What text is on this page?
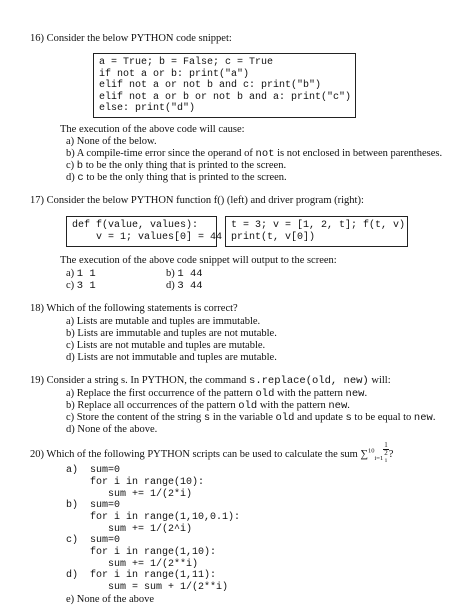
16) Consider the below PYTHON code snippet:
a = True; b = False; c = True
if not a or b: print("a")
elif not a or not b and c: print("b")
elif not a or b or not b and a: print("c")
else: print("d")
The execution of the above code will cause:
a) None of the below.
b) A compile-time error since the operand of not is not enclosed in between parentheses.
c) b to be the only thing that is printed to the screen.
d) c to be the only thing that is printed to the screen.
17) Consider the below PYTHON function f() (left) and driver program (right):
def f(value, values):
v = 1; values[0] = 44
t = 3; v = [1, 2, t]; f(t, v)
print(t, v[0])
The execution of the above code snippet will output to the screen:
a) 1 1	b) 1 44
c) 3 1	d) 3 44
18) Which of the following statements is correct?
a) Lists are mutable and tuples are immutable.
b) Lists are immutable and tuples are not mutable.
c) Lists are not mutable and tuples are mutable.
d) Lists are not immutable and tuples are mutable.
19) Consider a string s. In PYTHON, the command s.replace(old, new) will:
a) Replace the first occurrence of the pattern old with the pattern new.
b) Replace all occurrences of the pattern old with the pattern new.
c) Store the content of the string s in the variable old and update s to be equal to new.
d) None of the above.
20) Which of the following PYTHON scripts can be used to calculate the sum ∑$^{10}_{i=1}$ 1
2
$^i$ ?
a)  sum=0
for i in range(10):
sum += 1/(2*i)
b)  sum=0
for i in range(1,10,0.1):
sum += 1/(2^i)
c)  sum=0
for i in range(1,10):
sum += 1/(2**i)
d)  for i in range(1,11):
sum = sum + 1/(2**i)
e) None of the above
